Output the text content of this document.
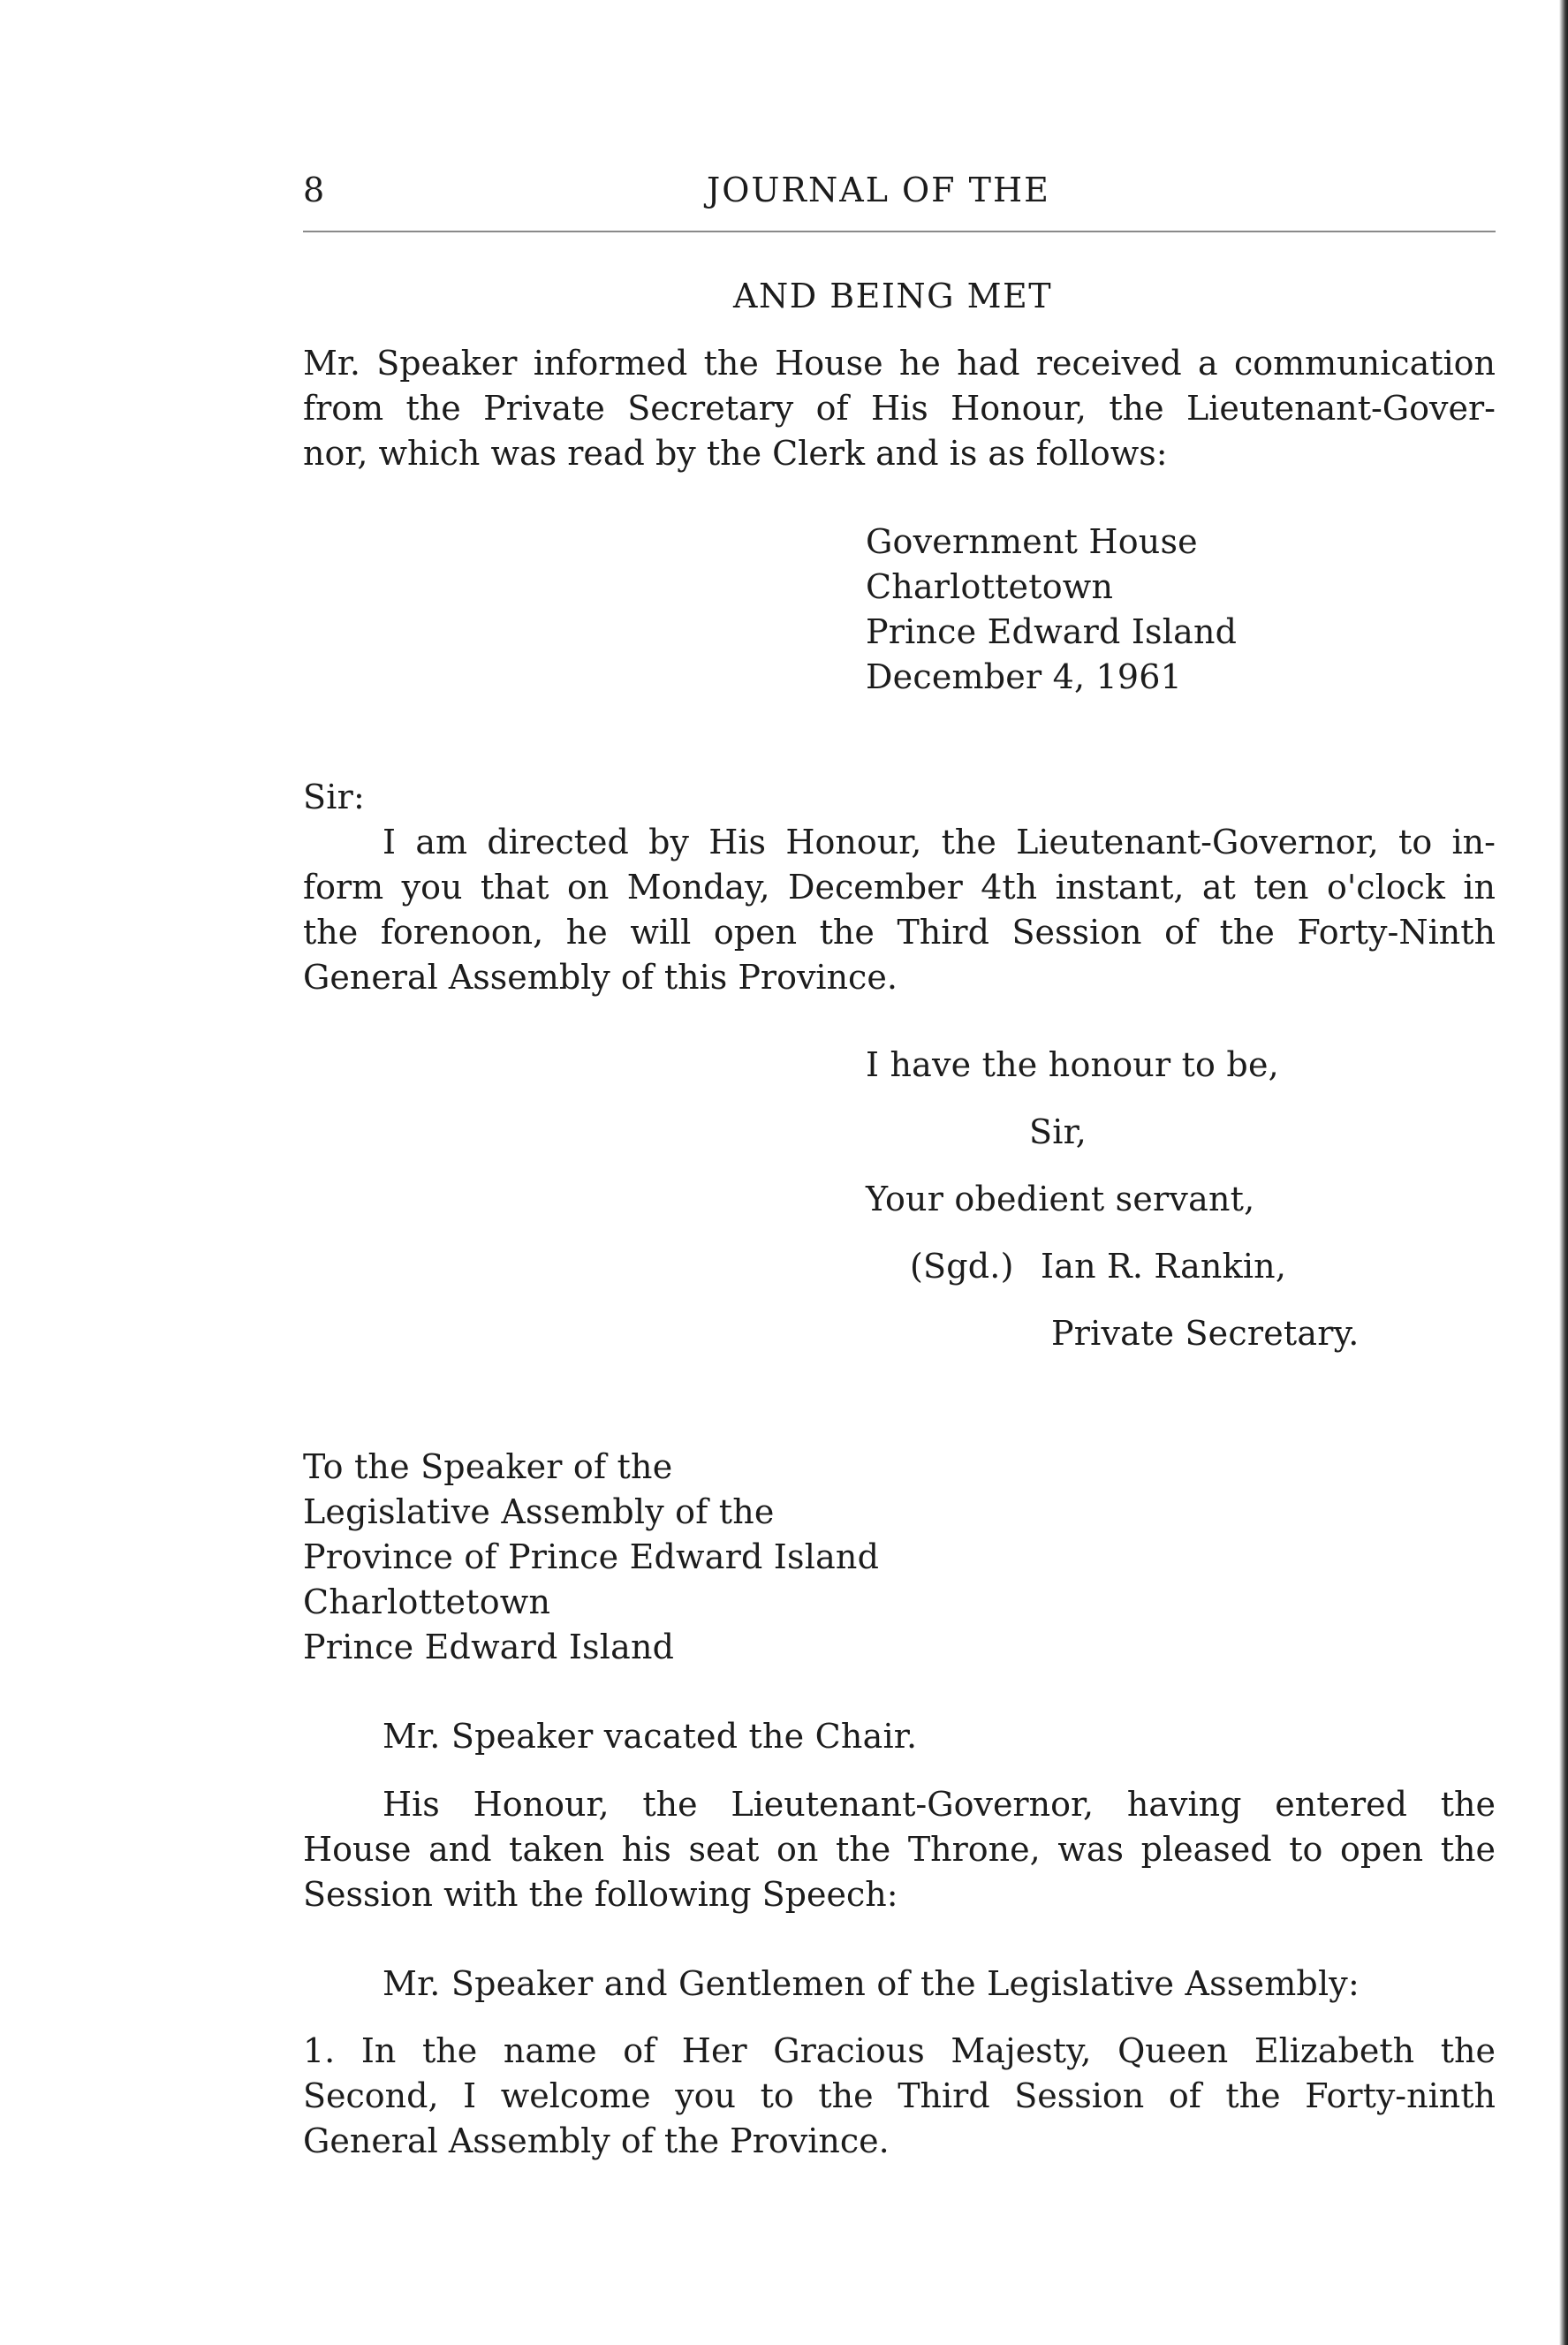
8	JOURNAL OF THE

AND BEING MET

Mr. Speaker informed the House he had received a communication
from the Private Secretary of His Honour, the Lieutenant-Gover-
nor, which was read by the Clerk and is as follows:
Government House
Charlottetown
Prince Edward Island
December 4, 1961

Sir:

I am directed by His Honour, the Lieutenant-Governor, to in-
form you that on Monday, December 4th instant, at ten o'clock in
the forenoon, he will open the Third Session of the Forty-Ninth
General Assembly of this Province.

I have the honour to be,

Sir,

Your obedient servant,

(Sgd.) Ian R. Rankin,

Private Secretary.

To the Speaker of the
Legislative Assembly of the
Province of Prince Edward Island
Charlottetown
Prince Edward Island

Mr. Speaker vacated the Chair.

His Honour, the Lieutenant-Governor, having entered the
House and taken his seat on the Throne, was pleased to open the
Session with the following Speech:

Mr. Speaker and Gentlemen of the Legislative Assembly:

1. In the name of Her Gracious Majesty, Queen Elizabeth the
Second, I welcome you to the Third Session of the Forty-ninth
General Assembly of the Province.
